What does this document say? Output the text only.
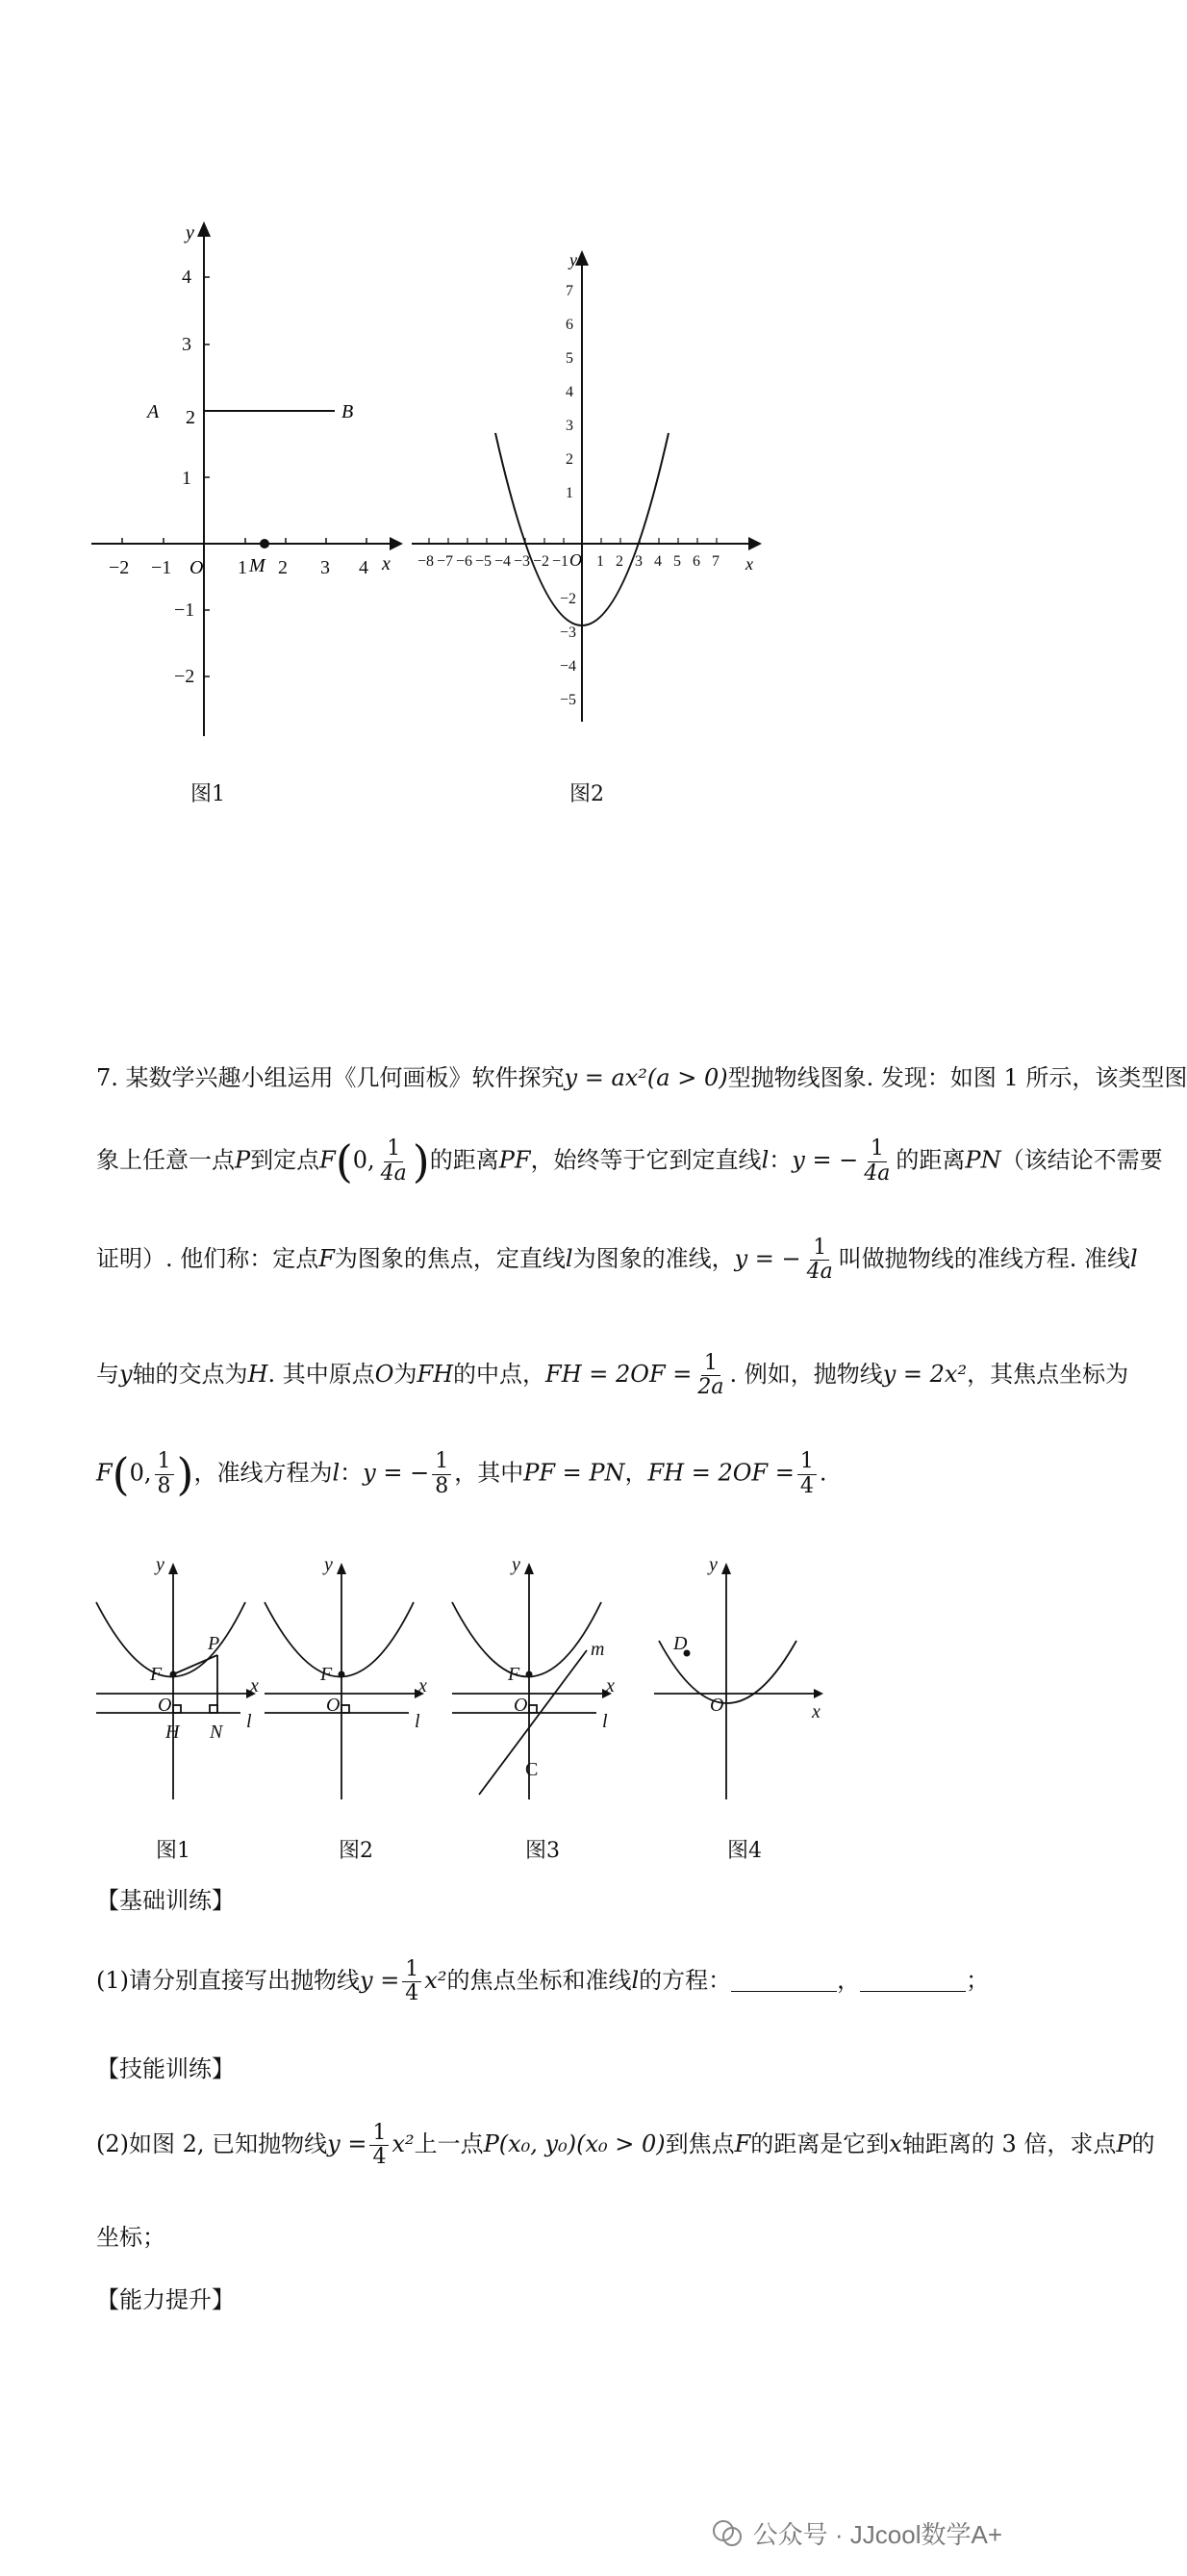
−2 −1	1 2 3 4
4
3
1
−1
−2
2
A	B
M
O	x
y
图1
−8 −7 −6 −5 −4 −3 −2 −1 1 2 3 4 5 6 7
7
6
5
4
3
2
1
−2
−3
−4
−5
O	x
y
图2
7. 某数学兴趣小组运用《几何画板》软件探究y = ax²(a > 0)型抛物线图象. 发现：如图 1 所示，该类型图
象上任意一点P到定点F(0, $\frac{1}{4a}$ )的距离PF，始终等于它到定直线l：y = − $\frac{1}{4a}$ 的距离PN（该结论不需要
证明）. 他们称：定点F为图象的焦点，定直线l为图象的准线，y = − $\frac{1}{4a}$ 叫做抛物线的准线方程. 准线l
与y轴的交点为H. 其中原点O为FH的中点，FH = $2OF = \frac{1}{2a}$ . 例如，抛物线y = 2x²，其焦点坐标为
F(0, $\frac{1}{8}$ )，准线方程为l：y = − $\frac{1}{8}$ ，其中PF = PN，FH = $2OF = \frac{1}{4}$ .
F
P
O
H N l
x
y
F
O
l
x
y
F
O
l
x
y
m
C
D
O	x
y
图1	图2	图3	图4
【基础训练】
(1)请分别直接写出抛物线$y = \frac{1}{4} x^2$的焦点坐标和准线l的方程：	，	；
【技能训练】
(2)如图 2, 已知抛物线$y = \frac{1}{4} x^2$上一点P(x₀, y₀)(x₀ > 0)到焦点F的距离是它到x轴距离的 3 倍，求点P的
坐标；
【能力提升】
公众号 · JJcool数学A+
